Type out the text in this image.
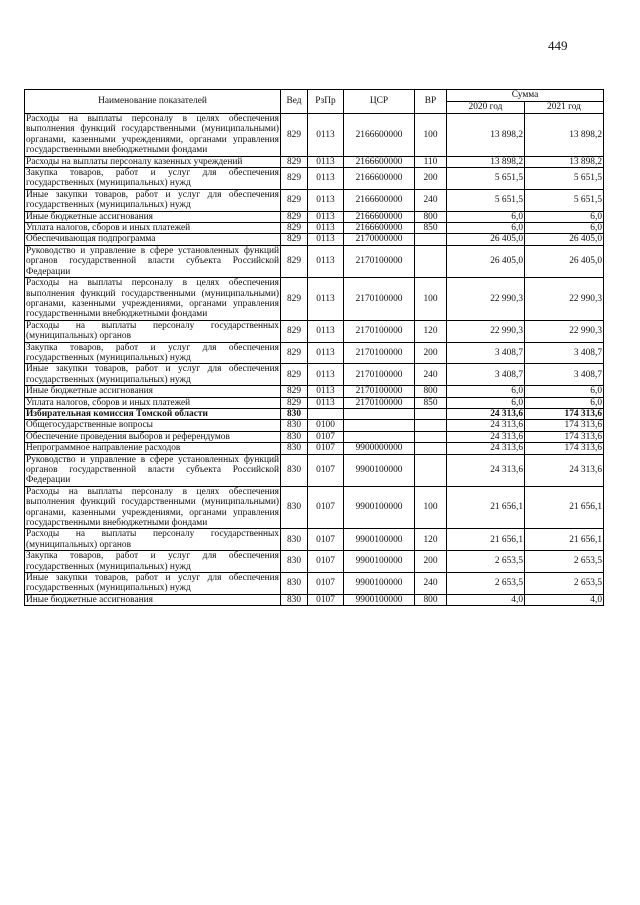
449
Наименование показателей	Вед	РзПр	ЦСР	ВР	Сумма	
					2020 год	2021 год
Расходы на выплаты персоналу в целях обеспечения выполнения функций государственными (муниципальными) органами, казенными учреждениями, органами управления государственными внебюджетными фондами	829	0113	2166600000	100	13 898,2	13 898,2
Расходы на выплаты персоналу казенных учреждений	829	0113	2166600000	110	13 898,2	13 898,2
Закупка товаров, работ и услуг для обеспечения государственных (муниципальных) нужд	829	0113	2166600000	200	5 651,5	5 651,5
Иные закупки товаров, работ и услуг для обеспечения государственных (муниципальных) нужд	829	0113	2166600000	240	5 651,5	5 651,5
Иные бюджетные ассигнования	829	0113	2166600000	800	6,0	6,0
Уплата налогов, сборов и иных платежей	829	0113	2166600000	850	6,0	6,0
Обеспечивающая подпрограмма	829	0113	2170000000		26 405,0	26 405,0
Руководство и управление в сфере установленных функций органов государственной власти субъекта Российской Федерации	829	0113	2170100000		26 405,0	26 405,0
Расходы на выплаты персоналу в целях обеспечения выполнения функций государственными (муниципальными) органами, казенными учреждениями, органами управления государственными внебюджетными фондами	829	0113	2170100000	100	22 990,3	22 990,3
Расходы на выплаты персоналу государственных (муниципальных) органов	829	0113	2170100000	120	22 990,3	22 990,3
Закупка товаров, работ и услуг для обеспечения государственных (муниципальных) нужд	829	0113	2170100000	200	3 408,7	3 408,7
Иные закупки товаров, работ и услуг для обеспечения государственных (муниципальных) нужд	829	0113	2170100000	240	3 408,7	3 408,7
Иные бюджетные ассигнования	829	0113	2170100000	800	6,0	6,0
Уплата налогов, сборов и иных платежей	829	0113	2170100000	850	6,0	6,0
Избирательная комиссия Томской области	830				24 313,6	174 313,6
Общегосударственные вопросы	830	0100			24 313,6	174 313,6
Обеспечение проведения выборов и референдумов	830	0107			24 313,6	174 313,6
Непрограммное направление расходов	830	0107	9900000000		24 313,6	174 313,6
Руководство и управление в сфере установленных функций органов государственной власти субъекта Российской Федерации	830	0107	9900100000		24 313,6	24 313,6
Расходы на выплаты персоналу в целях обеспечения выполнения функций государственными (муниципальными) органами, казенными учреждениями, органами управления государственными внебюджетными фондами	830	0107	9900100000	100	21 656,1	21 656,1
Расходы на выплаты персоналу государственных (муниципальных) органов	830	0107	9900100000	120	21 656,1	21 656,1
Закупка товаров, работ и услуг для обеспечения государственных (муниципальных) нужд	830	0107	9900100000	200	2 653,5	2 653,5
Иные закупки товаров, работ и услуг для обеспечения государственных (муниципальных) нужд	830	0107	9900100000	240	2 653,5	2 653,5
Иные бюджетные ассигнования	830	0107	9900100000	800	4,0	4,0
